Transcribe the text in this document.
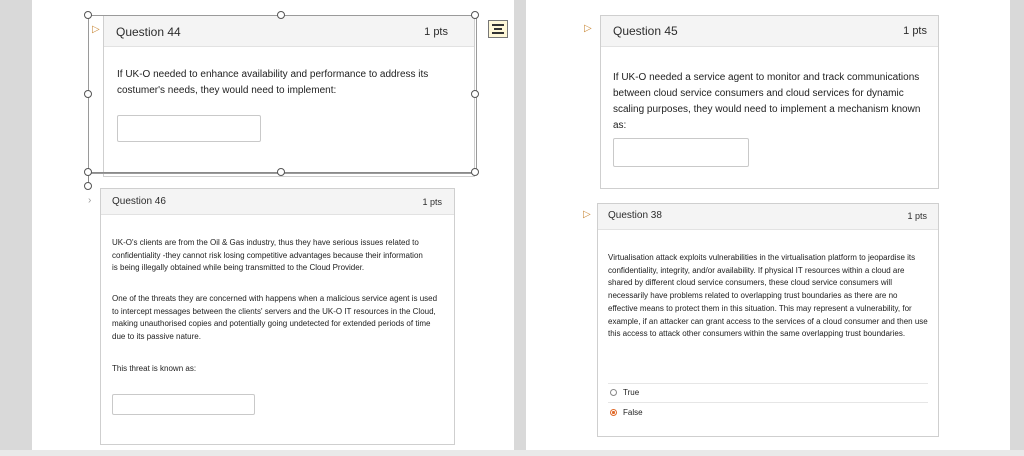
Question 44	1 pts
If UK-O needed to enhance availability and performance to address its costumer's needs, they would need to implement:
▷	▷ Question 45	1 pts
If UK-O needed a service agent to monitor and track communications between cloud service consumers and cloud services for dynamic scaling purposes, they would need to implement a mechanism known as:
› Question 46	1 pts
UK-O's clients are from the Oil & Gas industry, thus they have serious issues related to confidentiality -they cannot risk losing competitive advantages because their information is being illegally obtained while being transmitted to the Cloud Provider.
One of the threats they are concerned with happens when a malicious service agent is used to intercept messages between the clients' servers and the UK-O IT resources in the Cloud, making unauthorised copies and potentially going undetected for extended periods of time due to its passive nature.
This threat is known as:
▷ Question 38	1 pts
Virtualisation attack exploits vulnerabilities in the virtualisation platform to jeopardise its confidentiality, integrity, and/or availability. If physical IT resources within a cloud are shared by different cloud service consumers, these cloud service consumers will necessarily have problems related to overlapping trust boundaries as there are no effective means to protect them in this situation. This may represent a vulnerability, for example, if an attacker can grant access to the services of a cloud consumer and then use this access to attack other consumers within the same overlapping trust boundaries.
True
False
